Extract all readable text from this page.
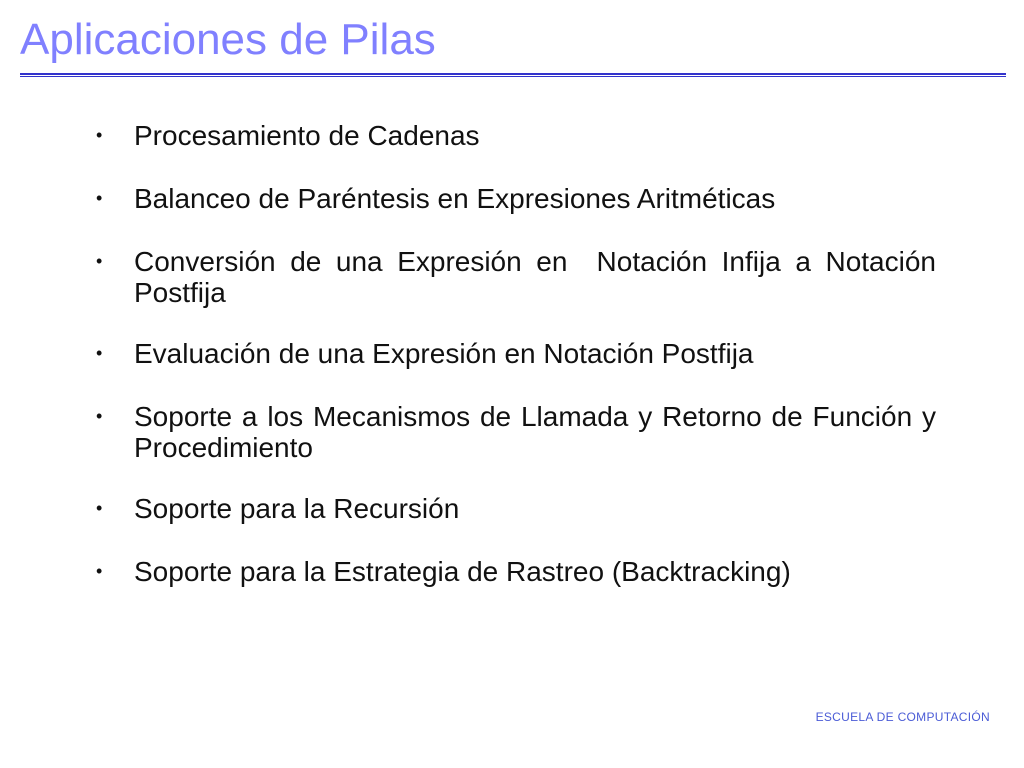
Aplicaciones de Pilas
• Procesamiento de Cadenas
• Balanceo de Paréntesis en Expresiones Aritméticas
• Conversión de una Expresión en  Notación Infija a Notación Postfija
• Evaluación de una Expresión en Notación Postfija
• Soporte a los Mecanismos de Llamada y Retorno de Función y Procedimiento
• Soporte para la Recursión
• Soporte para la Estrategia de Rastreo (Backtracking)
ESCUELA DE COMPUTACIÓN
